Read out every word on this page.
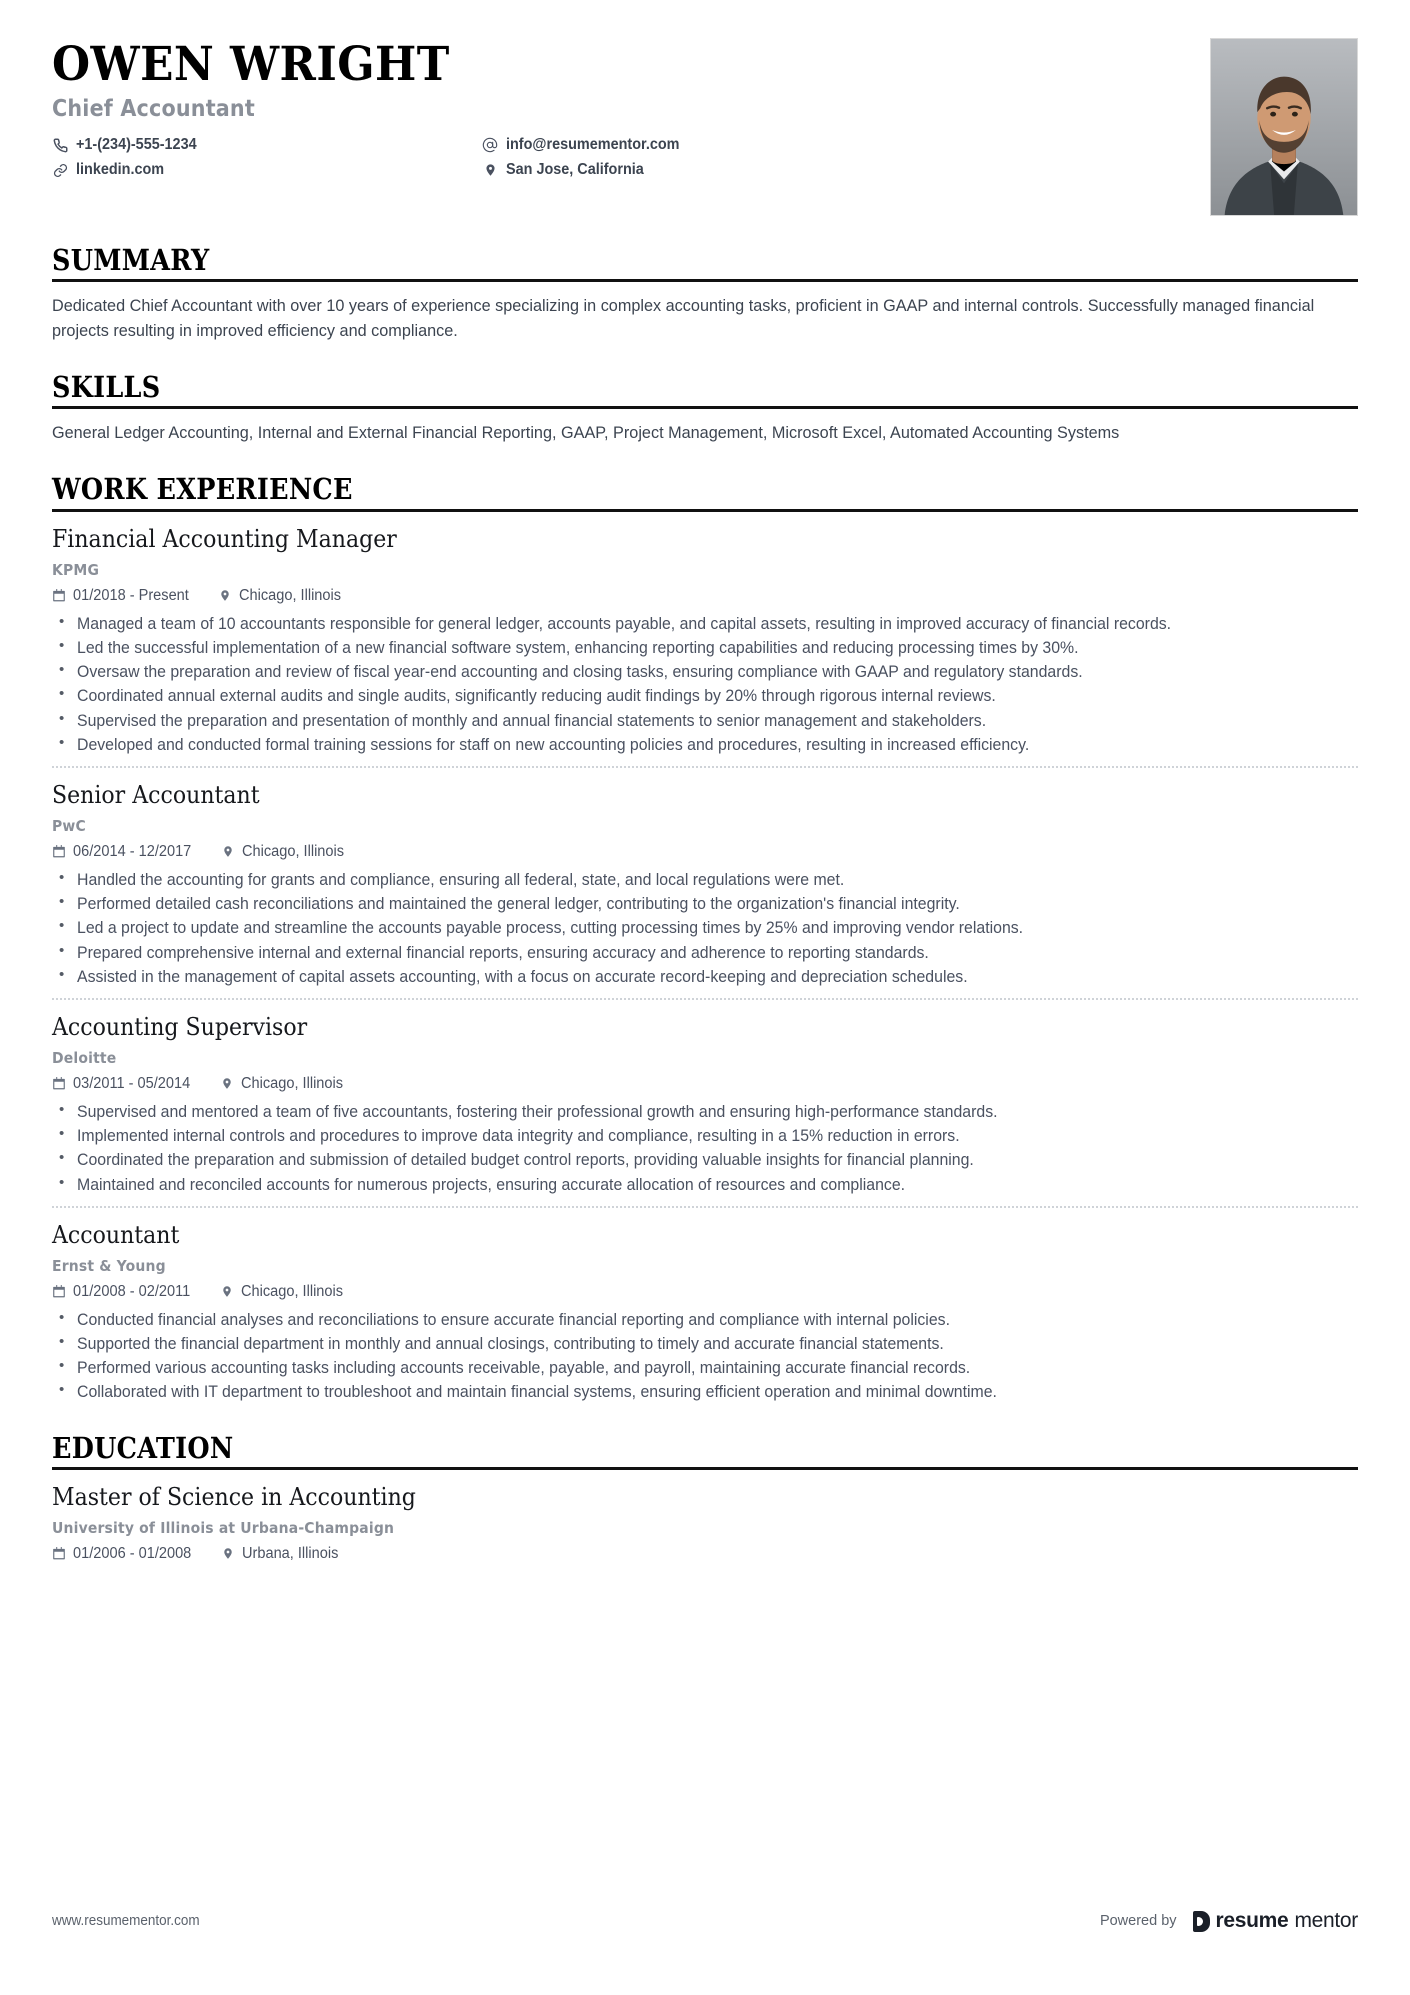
OWEN WRIGHT
Chief Accountant
+1-(234)-555-1234	info@resumementor.com
linkedin.com	San Jose, California
SUMMARY
Dedicated Chief Accountant with over 10 years of experience specializing in complex accounting tasks, proficient in GAAP and internal controls. Successfully managed financial projects resulting in improved efficiency and compliance.
SKILLS
General Ledger Accounting, Internal and External Financial Reporting, GAAP, Project Management, Microsoft Excel, Automated Accounting Systems
WORK EXPERIENCE
Financial Accounting Manager
KPMG
01/2018 - Present	Chicago, Illinois
• Managed a team of 10 accountants responsible for general ledger, accounts payable, and capital assets, resulting in improved accuracy of financial records.
• Led the successful implementation of a new financial software system, enhancing reporting capabilities and reducing processing times by 30%.
• Oversaw the preparation and review of fiscal year-end accounting and closing tasks, ensuring compliance with GAAP and regulatory standards.
• Coordinated annual external audits and single audits, significantly reducing audit findings by 20% through rigorous internal reviews.
• Supervised the preparation and presentation of monthly and annual financial statements to senior management and stakeholders.
• Developed and conducted formal training sessions for staff on new accounting policies and procedures, resulting in increased efficiency.
Senior Accountant
PwC
06/2014 - 12/2017	Chicago, Illinois
• Handled the accounting for grants and compliance, ensuring all federal, state, and local regulations were met.
• Performed detailed cash reconciliations and maintained the general ledger, contributing to the organization's financial integrity.
• Led a project to update and streamline the accounts payable process, cutting processing times by 25% and improving vendor relations.
• Prepared comprehensive internal and external financial reports, ensuring accuracy and adherence to reporting standards.
• Assisted in the management of capital assets accounting, with a focus on accurate record-keeping and depreciation schedules.
Accounting Supervisor
Deloitte
03/2011 - 05/2014	Chicago, Illinois
• Supervised and mentored a team of five accountants, fostering their professional growth and ensuring high-performance standards.
• Implemented internal controls and procedures to improve data integrity and compliance, resulting in a 15% reduction in errors.
• Coordinated the preparation and submission of detailed budget control reports, providing valuable insights for financial planning.
• Maintained and reconciled accounts for numerous projects, ensuring accurate allocation of resources and compliance.
Accountant
Ernst & Young
01/2008 - 02/2011	Chicago, Illinois
• Conducted financial analyses and reconciliations to ensure accurate financial reporting and compliance with internal policies.
• Supported the financial department in monthly and annual closings, contributing to timely and accurate financial statements.
• Performed various accounting tasks including accounts receivable, payable, and payroll, maintaining accurate financial records.
• Collaborated with IT department to troubleshoot and maintain financial systems, ensuring efficient operation and minimal downtime.
EDUCATION
Master of Science in Accounting
University of Illinois at Urbana-Champaign
01/2006 - 01/2008	Urbana, Illinois
www.resumementor.com	Powered by resume mentor
